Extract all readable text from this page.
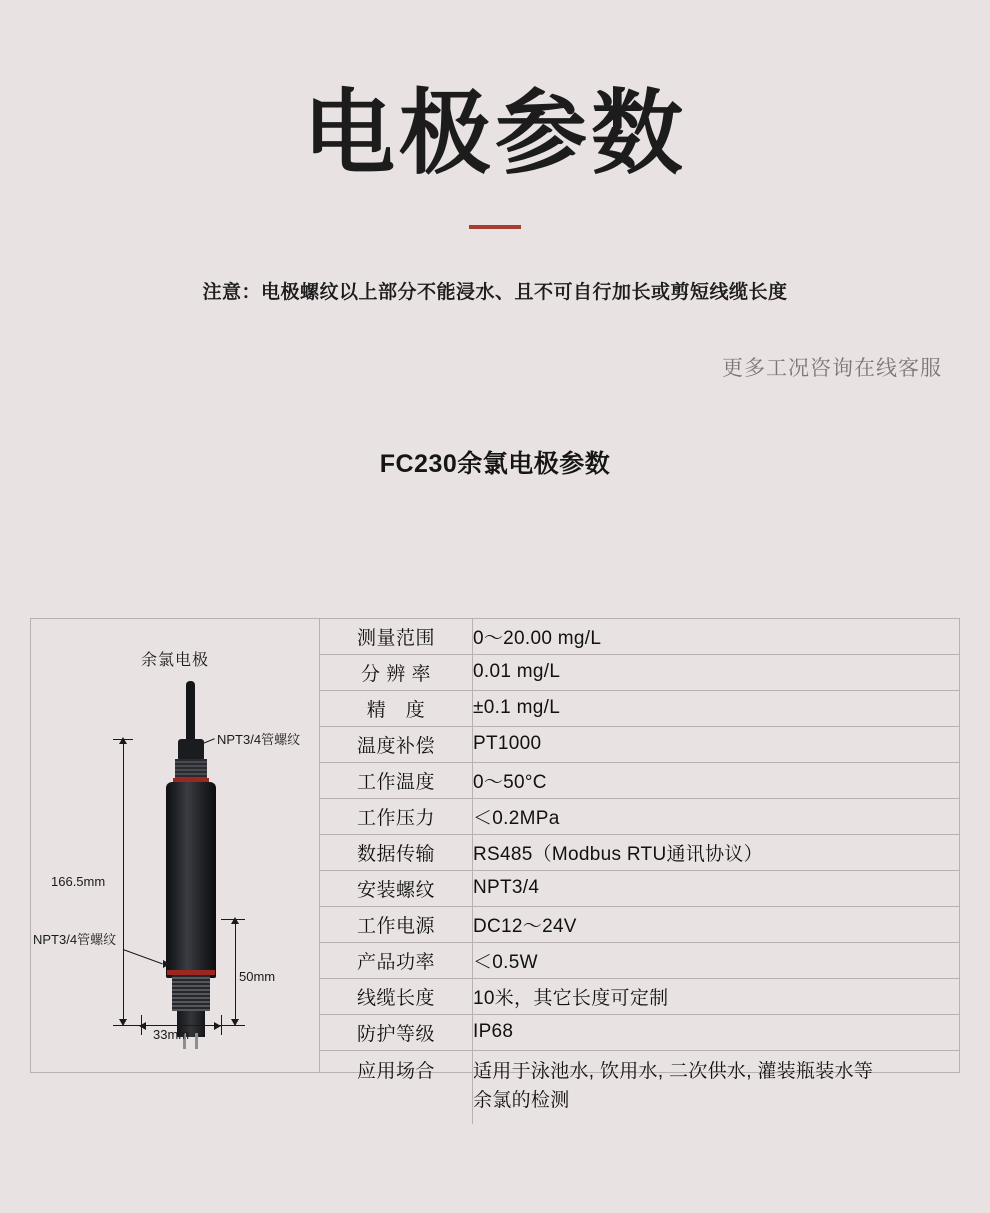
电极参数
注意：电极螺纹以上部分不能浸水、且不可自行加长或剪短线缆长度
更多工况咨询在线客服
FC230余氯电极参数
余氯电极
NPT3/4管螺纹
NPT3/4管螺纹
166.5mm
50mm
33mm
测量范围	0～20.00 mg/L
分 辨 率	0.01 mg/L
精　度	±0.1 mg/L
温度补偿	PT1000
工作温度	0～50°C
工作压力	＜0.2MPa
数据传输	RS485（Modbus RTU通讯协议）
安装螺纹	NPT3/4
工作电源	DC12～24V
产品功率	＜0.5W
线缆长度	10米，其它长度可定制
防护等级	IP68
应用场合	适用于泳池水, 饮用水, 二次供水, 灌装瓶装水等
余氯的检测
